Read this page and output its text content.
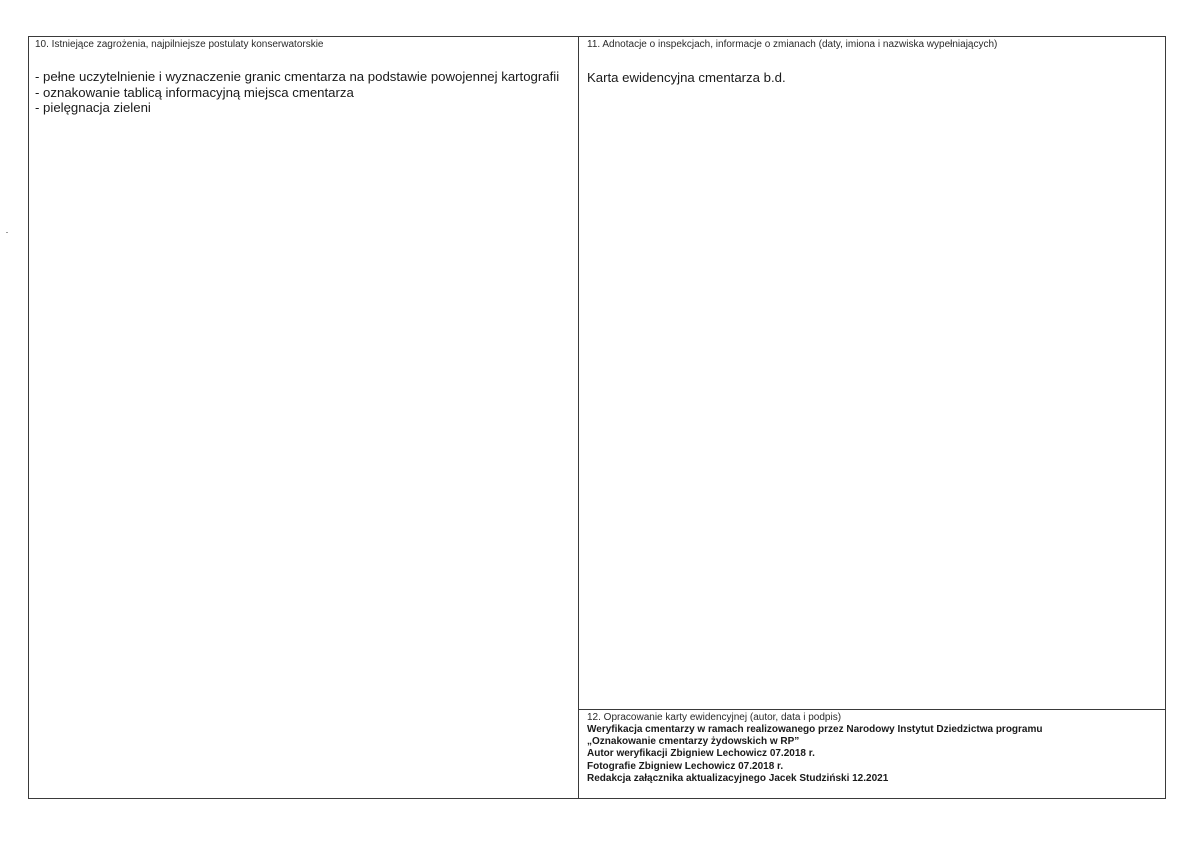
10. Istniejące zagrożenia, najpilniejsze postulaty konserwatorskie
- pełne uczytelnienie i wyznaczenie granic cmentarza na podstawie powojennej kartografii
- oznakowanie tablicą informacyjną miejsca cmentarza
- pielęgnacja zieleni
11. Adnotacje o inspekcjach, informacje o zmianach (daty, imiona i nazwiska wypełniających)
Karta ewidencyjna cmentarza b.d.
12. Opracowanie karty ewidencyjnej (autor, data i podpis)
Weryfikacja cmentarzy w ramach realizowanego przez Narodowy Instytut Dziedzictwa programu
„Oznakowanie cmentarzy żydowskich w RP”
Autor weryfikacji Zbigniew Lechowicz 07.2018 r.
Fotografie Zbigniew Lechowicz 07.2018 r.
Redakcja załącznika aktualizacyjnego Jacek Studziński 12.2021
